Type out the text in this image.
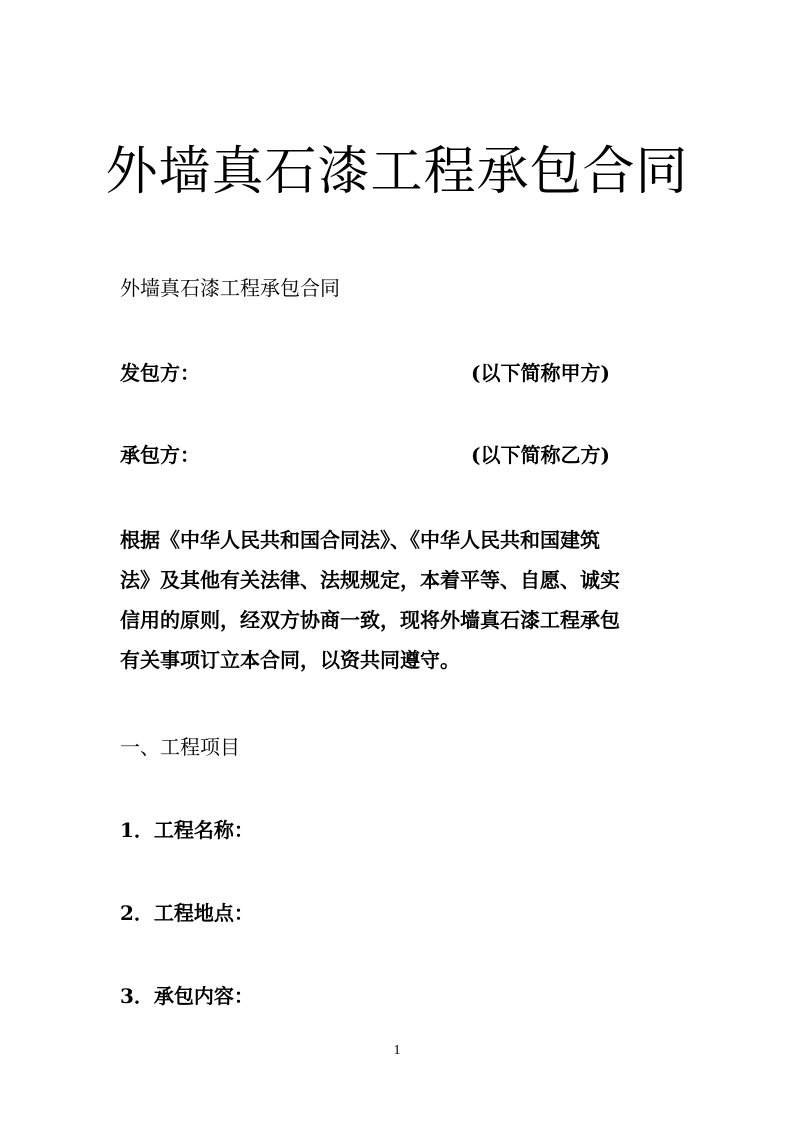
外墙真石漆工程承包合同
外墙真石漆工程承包合同
发包方：	(以下简称甲方)
承包方：	(以下简称乙方)
根据《中华人民共和国合同法》、《中华人民共和国建筑
法》及其他有关法律、法规规定，本着平等、自愿、诚实
信用的原则，经双方协商一致，现将外墙真石漆工程承包
有关事项订立本合同，以资共同遵守。
一、工程项目
1．工程名称：
2．工程地点：
3．承包内容：
1
